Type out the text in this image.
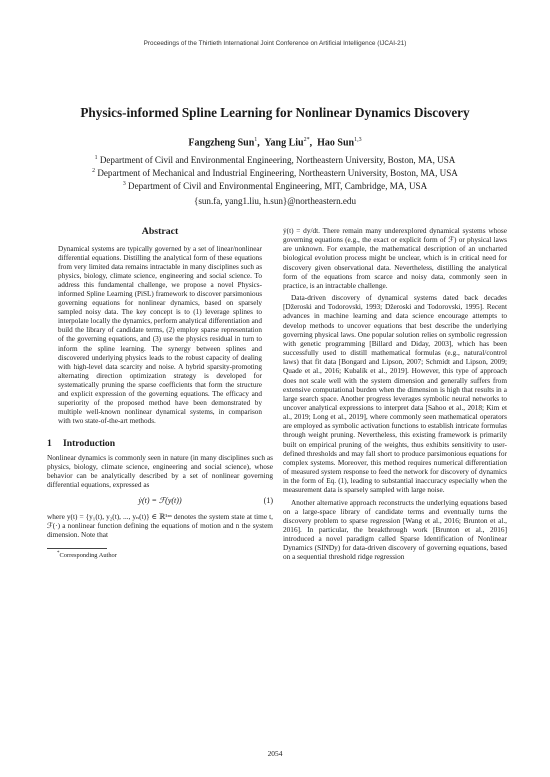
Proceedings of the Thirtieth International Joint Conference on Artificial Intelligence (IJCAI-21)
Physics-informed Spline Learning for Nonlinear Dynamics Discovery
Fangzheng Sun$^1$,  Yang Liu$^{2*}$,  Hao Sun$^{1,3}$
$^1$ Department of Civil and Environmental Engineering, Northeastern University, Boston, MA, USA
$^2$ Department of Mechanical and Industrial Engineering, Northeastern University, Boston, MA, USA
$^3$ Department of Civil and Environmental Engineering, MIT, Cambridge, MA, USA
{sun.fa, yang1.liu, h.sun}@northeastern.edu
Abstract
Dynamical systems are typically governed by a set of linear/nonlinear differential equations. Distilling the analytical form of these equations from very limited data remains intractable in many disciplines such as physics, biology, climate science, engineering and social science. To address this fundamental challenge, we propose a novel Physics-informed Spline Learning (PiSL) framework to discover parsimonious governing equations for nonlinear dynamics, based on sparsely sampled noisy data. The key concept is to (1) leverage splines to interpolate locally the dynamics, perform analytical differentiation and build the library of candidate terms, (2) employ sparse representation of the governing equations, and (3) use the physics residual in turn to inform the spline learning. The synergy between splines and discovered underlying physics leads to the robust capacity of dealing with high-level data scarcity and noise. A hybrid sparsity-promoting alternating direction optimization strategy is developed for systematically pruning the sparse coefficients that form the structure and explicit expression of the governing equations. The efficacy and superiority of the proposed method have been demonstrated by multiple well-known nonlinear dynamical systems, in comparison with two state-of-the-art methods.
1 Introduction

Nonlinear dynamics is commonly seen in nature (in many disciplines such as physics, biology, climate science, engineering and social science), whose behavior can be analytically described by a set of nonlinear governing differential equations, expressed as

ẏ(t) = ℱ(y(t))	(1)

where y(t) = {y₁(t), y₂(t), ..., yₙ(t)} ∈ ℝ¹ˣⁿ denotes the system state at time t, ℱ(·) a nonlinear function defining the equations of motion and n the system dimension. Note that

*Corresponding Author

ẏ(t) = dy/dt. There remain many underexplored dynamical systems whose governing equations (e.g., the exact or explicit form of ℱ) or physical laws are unknown. For example, the mathematical description of an uncharted biological evolution process might be unclear, which is in critical need for discovery given observational data. Nevertheless, distilling the analytical form of the equations from scarce and noisy data, commonly seen in practice, is an intractable challenge.

Data-driven discovery of dynamical systems dated back decades [Džeroski and Todorovski, 1993; Džeroski and Todorovski, 1995]. Recent advances in machine learning and data science encourage attempts to develop methods to uncover equations that best describe the underlying governing physical laws. One popular solution relies on symbolic regression with genetic programming [Billard and Diday, 2003], which has been successfully used to distill mathematical formulas (e.g., natural/control laws) that fit data [Bongard and Lipson, 2007; Schmidt and Lipson, 2009; Quade et al., 2016; Kubalík et al., 2019]. However, this type of approach does not scale well with the system dimension and generally suffers from extensive computational burden when the dimension is high that results in a large search space. Another progress leverages symbolic neural networks to uncover analytical expressions to interpret data [Sahoo et al., 2018; Kim et al., 2019; Long et al., 2019], where commonly seen mathematical operators are employed as symbolic activation functions to establish intricate formulas through weight pruning. Nevertheless, this existing framework is primarily built on empirical pruning of the weights, thus exhibits sensitivity to user-defined thresholds and may fall short to produce parsimonious equations for complex systems. Moreover, this method requires numerical differentiation of measured system response to feed the network for discovery of dynamics in the form of Eq. (1), leading to substantial inaccuracy especially when the measurement data is sparsely sampled with large noise.

Another alternative approach reconstructs the underlying equations based on a large-space library of candidate terms and eventually turns the discovery problem to sparse regression [Wang et al., 2016; Brunton et al., 2016]. In particular, the breakthrough work [Brunton et al., 2016] introduced a novel paradigm called Sparse Identification of Nonlinear Dynamics (SINDy) for data-driven discovery of governing equations, based on a sequential threshold ridge regression

2054
